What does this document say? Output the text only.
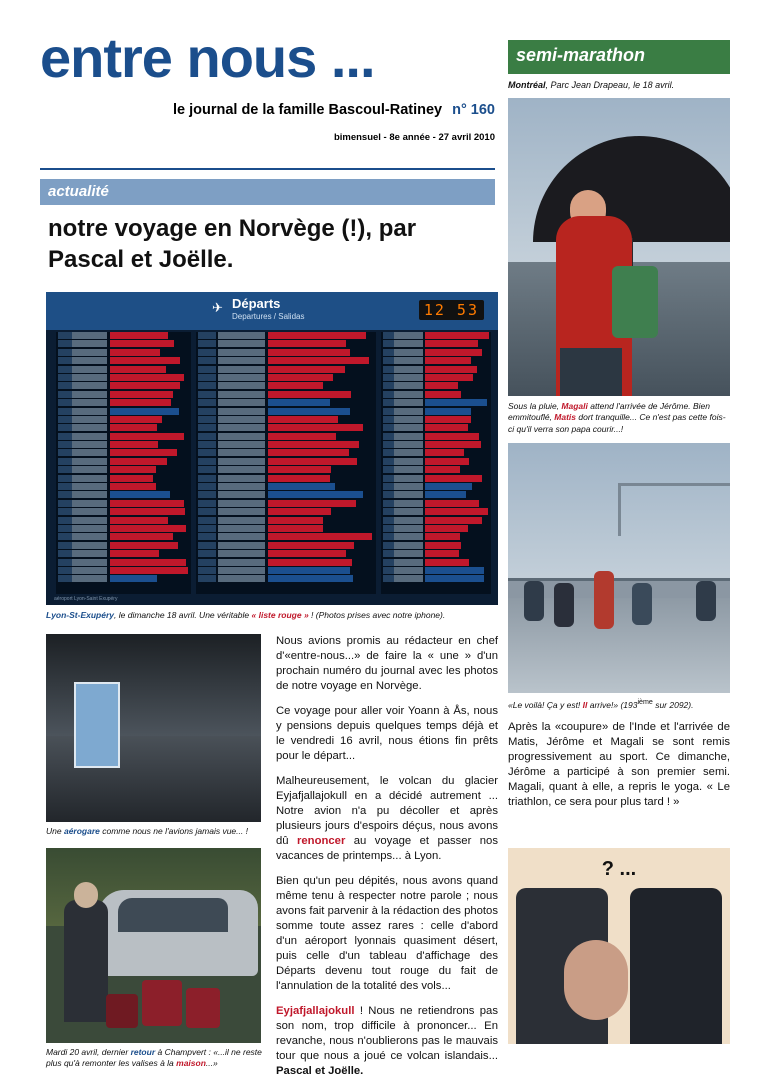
entre nous ...
le journal de la famille Bascoul-Ratiney n° 160
bimensuel - 8e année - 27 avril 2010
actualité
notre voyage en Norvège (!), par Pascal et Joëlle.
✈ Départs
Departures / Salidas	12 53
aéroport Lyon-Saint Exupéry
Lyon-St-Exupéry, le dimanche 18 avril. Une véritable « liste rouge » ! (Photos prises avec notre iphone).
Une aérogare comme nous ne l'avions jamais vue... !
Mardi 20 avril, dernier retour à Champvert : «...il ne reste plus qu'à remonter les valises à la maison...»

Nous avions promis au rédacteur en chef d'«entre-nous...» de faire la « une » d'un prochain numéro du journal avec les photos de notre voyage en Norvège.

Ce voyage pour aller voir Yoann à Ås, nous y pensions depuis quelques temps déjà et le vendredi 16 avril, nous étions fin prêts pour le départ...

Malheureusement, le volcan du glacier Eyjafjallajokull en a décidé autrement ... Notre avion n'a pu décoller et après plusieurs jours d'espoirs déçus, nous avons dû renoncer au voyage et passer nos vacances de printemps... à Lyon.

Bien qu'un peu dépités, nous avons quand même tenu à respecter notre parole ; nous avons fait parvenir à la rédaction des photos somme toute assez rares : celle d'abord d'un aéroport lyonnais quasiment désert, puis celle d'un tableau d'affichage des Départs devenu tout rouge du fait de l'annulation de la totalité des vols...

Eyjafjallajokull ! Nous ne retiendrons pas son nom, trop difficile à prononcer... En revanche, nous n'oublierons pas le mauvais tour que nous a joué ce volcan islandais... Pascal et Joëlle.

semi-marathon
Montréal, Parc Jean Drapeau, le 18 avril.
Sous la pluie, Magali attend l'arrivée de Jérôme. Bien emmitouflé, Matis dort tranquille... Ce n'est pas cette fois-ci qu'il verra son papa courir...!
«Le voilà! Ça y est! Il arrive!» (193ième sur 2092).

Après la «coupure» de l'Inde et l'arrivée de Matis, Jérôme et Magali se sont remis progressivement au sport. Ce dimanche, Jérôme a participé à son premier semi. Magali, quant à elle, a repris le yoga. « Le triathlon, ce sera pour plus tard ! »

? ...
